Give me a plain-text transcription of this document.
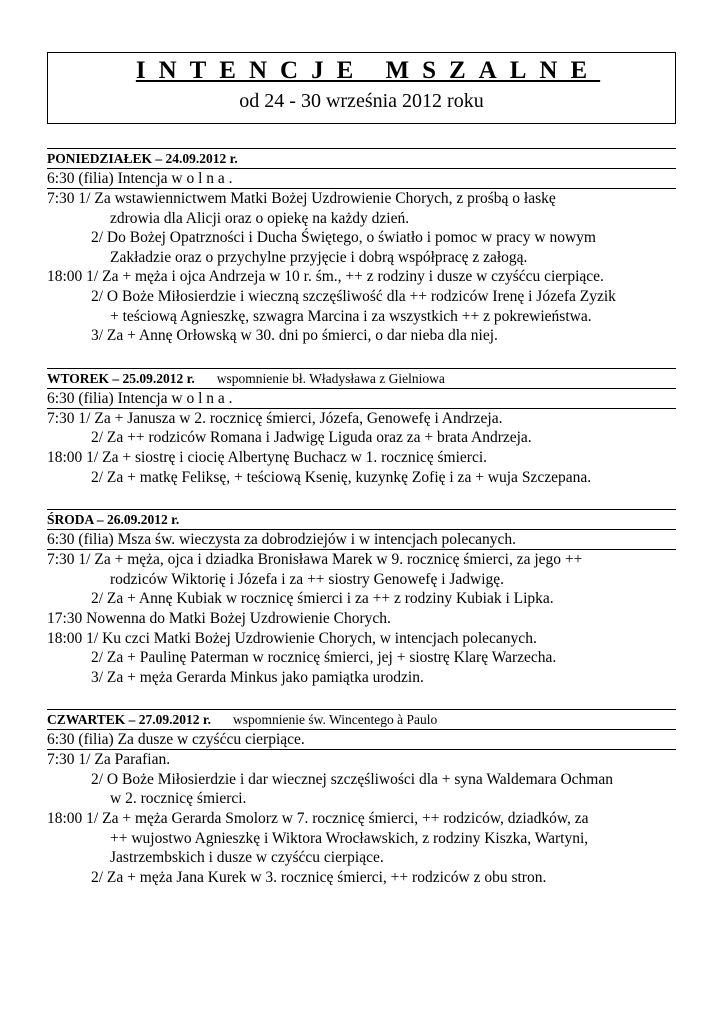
INTENCJE MSZALNE
od 24 - 30 września 2012 roku
PONIEDZIAŁEK – 24.09.2012 r.
6:30 (filia) Intencja w o l n a .
7:30 1/ Za wstawiennictwem Matki Bożej Uzdrowienie Chorych, z prośbą o łaskę
zdrowia dla Alicji oraz o opiekę na każdy dzień.
2/ Do Bożej Opatrzności i Ducha Świętego, o światło i pomoc w pracy w nowym
Zakładzie oraz o przychylne przyjęcie i dobrą współpracę z załogą.
18:00 1/ Za + męża i ojca Andrzeja w 10 r. śm., ++ z rodziny i dusze w czyśćcu cierpiące.
2/ O Boże Miłosierdzie i wieczną szczęśliwość dla ++ rodziców Irenę i Józefa Zyzik
+ teściową Agnieszkę, szwagra Marcina i za wszystkich ++ z pokrewieństwa.
3/ Za + Annę Orłowską w 30. dni po śmierci, o dar nieba dla niej.
WTOREK – 25.09.2012 r. wspomnienie bł. Władysława z Gielniowa
6:30 (filia) Intencja w o l n a .
7:30 1/ Za + Janusza w 2. rocznicę śmierci, Józefa, Genowefę i Andrzeja.
2/ Za ++ rodziców Romana i Jadwigę Liguda oraz za + brata Andrzeja.
18:00 1/ Za + siostrę i ciocię Albertynę Buchacz w 1. rocznicę śmierci.
2/ Za + matkę Feliksę, + teściową Ksenię, kuzynkę Zofię i za + wuja Szczepana.
ŚRODA – 26.09.2012 r.
6:30 (filia) Msza św. wieczysta za dobrodziejów i w intencjach polecanych.
7:30 1/ Za + męża, ojca i dziadka Bronisława Marek w 9. rocznicę śmierci, za jego ++
rodziców Wiktorię i Józefa i za ++ siostry Genowefę i Jadwigę.
2/ Za + Annę Kubiak w rocznicę śmierci i za ++ z rodziny Kubiak i Lipka.
17:30 Nowenna do Matki Bożej Uzdrowienie Chorych.
18:00 1/ Ku czci Matki Bożej Uzdrowienie Chorych, w intencjach polecanych.
2/ Za + Paulinę Paterman w rocznicę śmierci, jej + siostrę Klarę Warzecha.
3/ Za + męża Gerarda Minkus jako pamiątka urodzin.
CZWARTEK – 27.09.2012 r. wspomnienie św. Wincentego à Paulo
6:30 (filia) Za dusze w czyśćcu cierpiące.
7:30 1/ Za Parafian.
2/ O Boże Miłosierdzie i dar wiecznej szczęśliwości dla + syna Waldemara Ochman
w 2. rocznicę śmierci.
18:00 1/ Za + męża Gerarda Smolorz w 7. rocznicę śmierci, ++ rodziców, dziadków, za
++ wujostwo Agnieszkę i Wiktora Wrocławskich, z rodziny Kiszka, Wartyni,
Jastrzembskich i dusze w czyśćcu cierpiące.
2/ Za + męża Jana Kurek w 3. rocznicę śmierci, ++ rodziców z obu stron.
